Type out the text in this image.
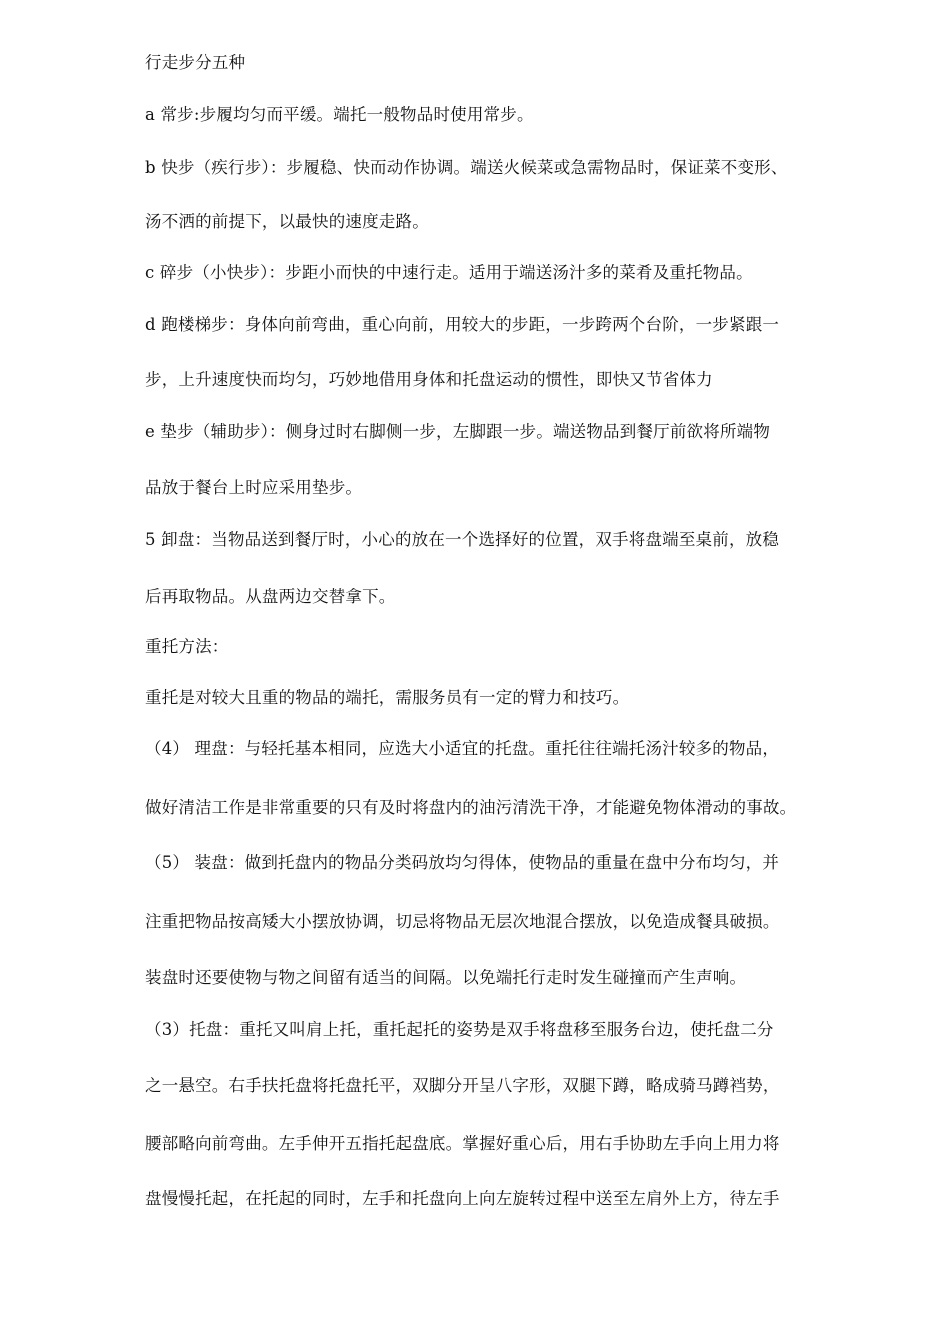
行走步分五种
a 常步:步履均匀而平缓。端托一般物品时使用常步。
b 快步（疾行步）：步履稳、快而动作协调。端送火候菜或急需物品时，保证菜不变形、
汤不洒的前提下，以最快的速度走路。
c 碎步（小快步）：步距小而快的中速行走。适用于端送汤汁多的菜肴及重托物品。
d 跑楼梯步：身体向前弯曲，重心向前，用较大的步距，一步跨两个台阶，一步紧跟一
步，上升速度快而均匀，巧妙地借用身体和托盘运动的惯性，即快又节省体力
e 垫步（辅助步）：侧身过时右脚侧一步，左脚跟一步。端送物品到餐厅前欲将所端物
品放于餐台上时应采用垫步。
5 卸盘：当物品送到餐厅时，小心的放在一个选择好的位置，双手将盘端至桌前，放稳
后再取物品。从盘两边交替拿下。
重托方法：
重托是对较大且重的物品的端托，需服务员有一定的臂力和技巧。
（4） 理盘：与轻托基本相同，应选大小适宜的托盘。重托往往端托汤汁较多的物品，
做好清洁工作是非常重要的只有及时将盘内的油污清洗干净，才能避免物体滑动的事故。
（5） 装盘：做到托盘内的物品分类码放均匀得体，使物品的重量在盘中分布均匀，并
注重把物品按高矮大小摆放协调，切忌将物品无层次地混合摆放，以免造成餐具破损。
装盘时还要使物与物之间留有适当的间隔。以免端托行走时发生碰撞而产生声响。
（3）托盘：重托又叫肩上托，重托起托的姿势是双手将盘移至服务台边，使托盘二分
之一悬空。右手扶托盘将托盘托平，双脚分开呈八字形，双腿下蹲，略成骑马蹲裆势，
腰部略向前弯曲。左手伸开五指托起盘底。掌握好重心后，用右手协助左手向上用力将
盘慢慢托起，在托起的同时，左手和托盘向上向左旋转过程中送至左肩外上方，待左手
